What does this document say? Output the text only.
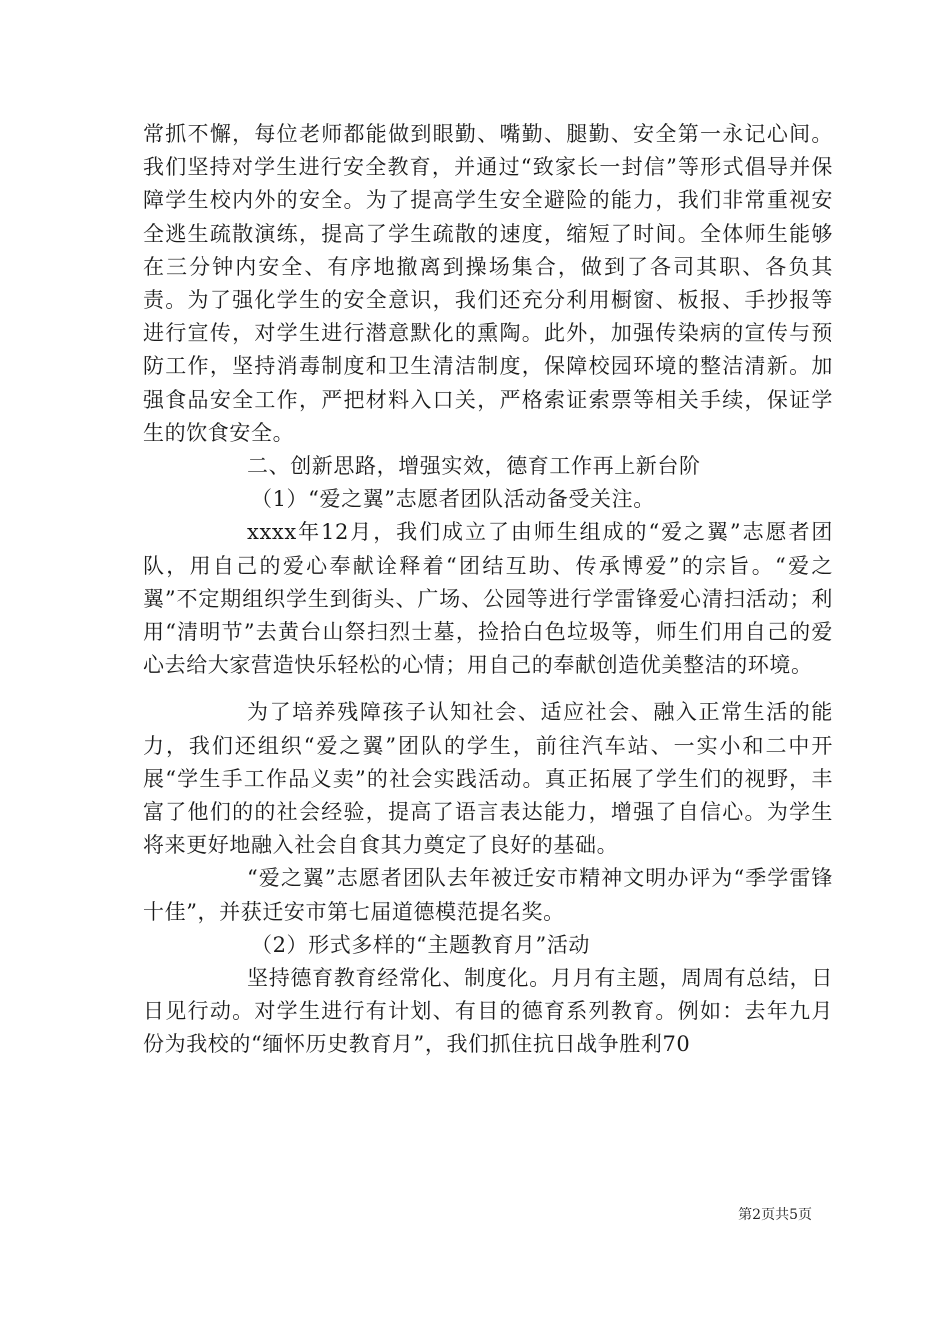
常抓不懈，每位老师都能做到眼勤、嘴勤、腿勤、安全第一永记心间。我们坚持对学生进行安全教育，并通过“致家长一封信”等形式倡导并保障学生校内外的安全。为了提高学生安全避险的能力，我们非常重视安全逃生疏散演练，提高了学生疏散的速度，缩短了时间。全体师生能够在三分钟内安全、有序地撤离到操场集合，做到了各司其职、各负其责。为了强化学生的安全意识，我们还充分利用橱窗、板报、手抄报等进行宣传，对学生进行潜意默化的熏陶。此外，加强传染病的宣传与预防工作，坚持消毒制度和卫生清洁制度，保障校园环境的整洁清新。加强食品安全工作，严把材料入口关，严格索证索票等相关手续，保证学生的饮食安全。

二、创新思路，增强实效，德育工作再上新台阶

（1）“爱之翼”志愿者团队活动备受关注。

xxxx年12月，我们成立了由师生组成的“爱之翼”志愿者团队，用自己的爱心奉献诠释着“团结互助、传承博爱”的宗旨。“爱之翼”不定期组织学生到街头、广场、公园等进行学雷锋爱心清扫活动；利用“清明节”去黄台山祭扫烈士墓，捡拾白色垃圾等，师生们用自己的爱心去给大家营造快乐轻松的心情；用自己的奉献创造优美整洁的环境。

为了培养残障孩子认知社会、适应社会、融入正常生活的能力，我们还组织“爱之翼”团队的学生，前往汽车站、一实小和二中开展“学生手工作品义卖”的社会实践活动。真正拓展了学生们的视野，丰富了他们的的社会经验，提高了语言表达能力，增强了自信心。为学生将来更好地融入社会自食其力奠定了良好的基础。

“爱之翼”志愿者团队去年被迁安市精神文明办评为“季学雷锋十佳”，并获迁安市第七届道德模范提名奖。

（2）形式多样的“主题教育月”活动

坚持德育教育经常化、制度化。月月有主题，周周有总结，日日见行动。对学生进行有计划、有目的德育系列教育。例如：去年九月份为我校的“缅怀历史教育月”，我们抓住抗日战争胜利70

第2页共5页
